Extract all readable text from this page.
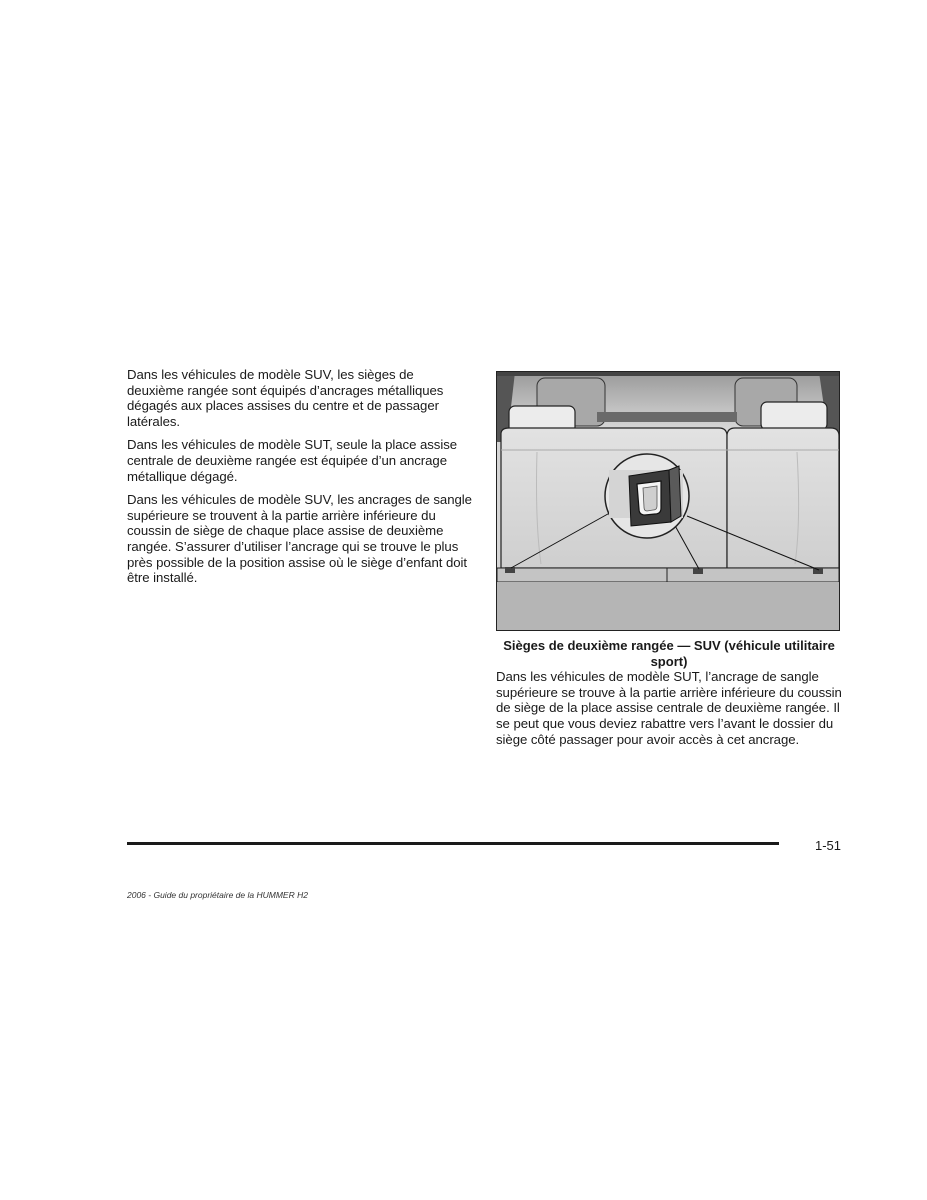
Dans les véhicules de modèle SUV, les sièges de deuxième rangée sont équipés d’ancrages métalliques dégagés aux places assises du centre et de passager latérales.

Dans les véhicules de modèle SUT, seule la place assise centrale de deuxième rangée est équipée d’un ancrage métallique dégagé.

Dans les véhicules de modèle SUV, les ancrages de sangle supérieure se trouvent à la partie arrière inférieure du coussin de siège de chaque place assise de deuxième rangée. S’assurer d’utiliser l’ancrage qui se trouve le plus près possible de la position assise où le siège d’enfant doit être installé.

Sièges de deuxième rangée — SUV (véhicule utilitaire sport)

Dans les véhicules de modèle SUT, l’ancrage de sangle supérieure se trouve à la partie arrière inférieure du coussin de siège de la place assise centrale de deuxième rangée. Il se peut que vous deviez rabattre vers l’avant le dossier du siège côté passager pour avoir accès à cet ancrage.

1-51
2006 - Guide du propriétaire de la HUMMER H2
